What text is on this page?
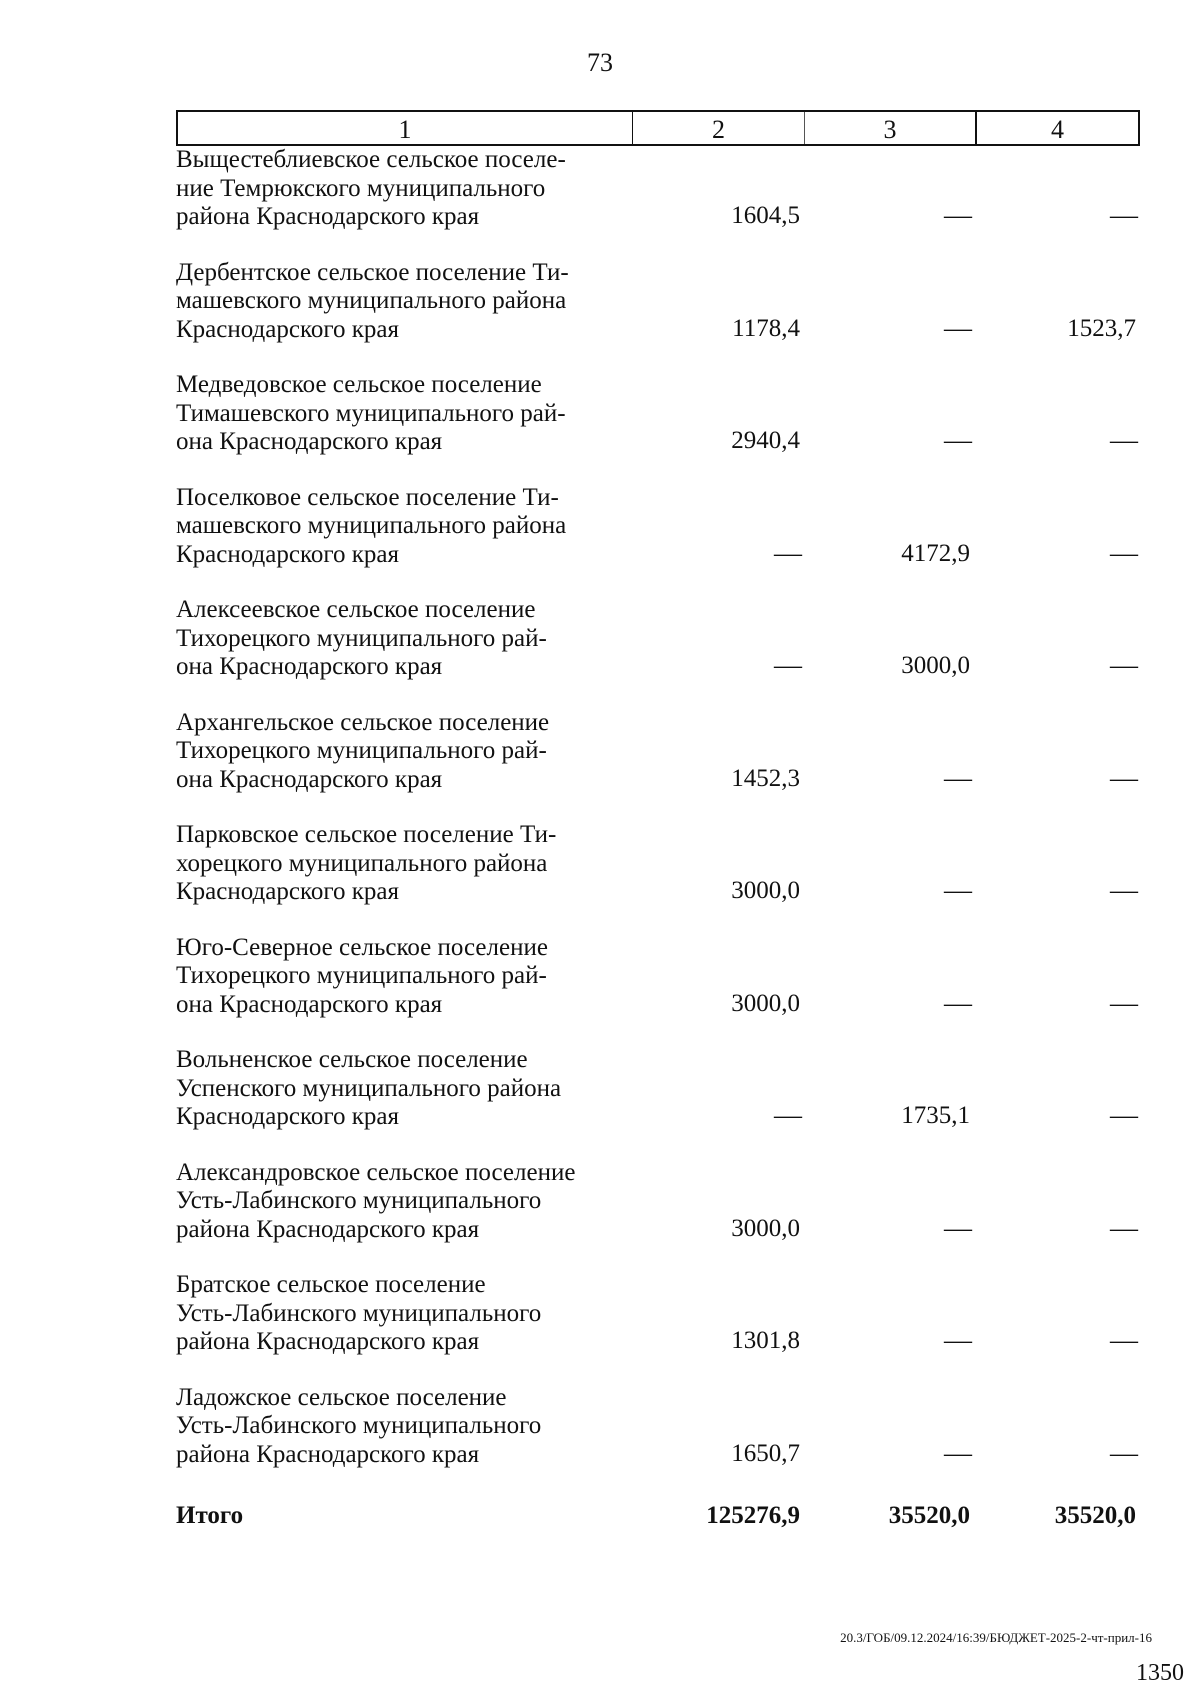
73
1	2	3	4
Выщестеблиевское сельское поселе-
ние Темрюкского муниципального
района Краснодарского края	1604,5	—	—
Дербентское сельское поселение Ти-
машевского муниципального района
Краснодарского края	1178,4	—	1523,7
Медведовское сельское поселение
Тимашевского муниципального рай-
она Краснодарского края	2940,4	—	—
Поселковое сельское поселение Ти-
машевского муниципального района
Краснодарского края	—	4172,9	—
Алексеевское сельское поселение
Тихорецкого муниципального рай-
она Краснодарского края	—	3000,0	—
Архангельское сельское поселение
Тихорецкого муниципального рай-
она Краснодарского края	1452,3	—	—
Парковское сельское поселение Ти-
хорецкого муниципального района
Краснодарского края	3000,0	—	—
Юго-Северное сельское поселение
Тихорецкого муниципального рай-
она Краснодарского края	3000,0	—	—
Вольненское сельское поселение
Успенского муниципального района
Краснодарского края	—	1735,1	—
Александровское сельское поселение
Усть-Лабинского муниципального
района Краснодарского края	3000,0	—	—
Братское сельское поселение
Усть-Лабинского муниципального
района Краснодарского края	1301,8	—	—
Ладожское сельское поселение
Усть-Лабинского муниципального
района Краснодарского края	1650,7	—	—
Итого	125276,9	35520,0	35520,0
20.3/ГОБ/09.12.2024/16:39/БЮДЖЕТ-2025-2-чт-прил-16
1350
